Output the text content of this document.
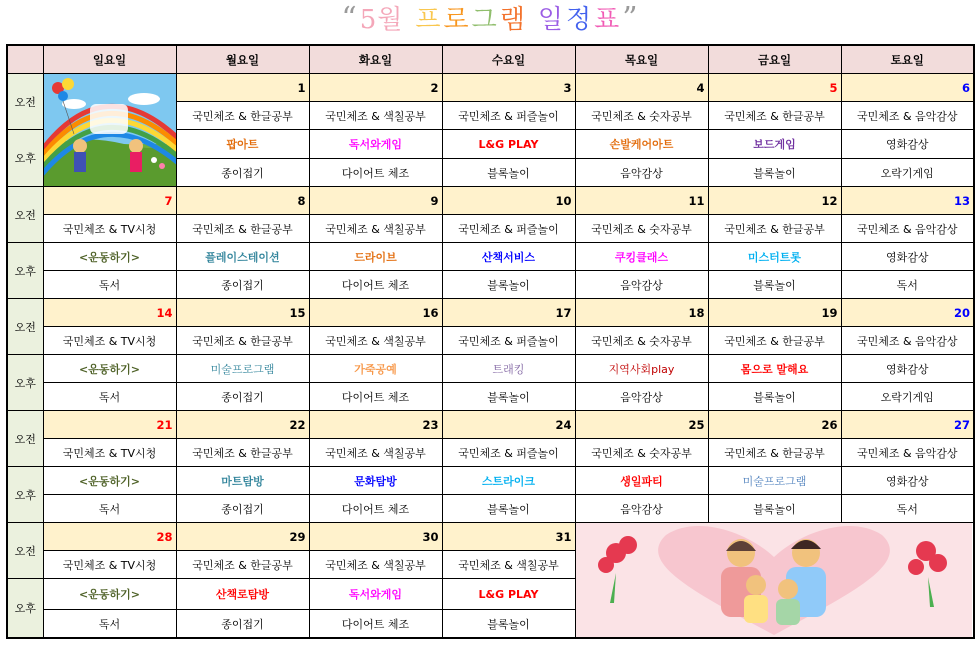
“5월 프로그램 일정표”
	일요일	월요일	화요일	수요일	목요일	금요일	토요일
오전		1	2	3	4	5	6
		국민체조 & 한글공부	국민체조 & 색칠공부	국민체조 & 퍼즐놀이	국민체조 & 숫자공부	국민체조 & 한글공부	국민체조 & 음악감상
오후		팝아트	독서와게임	L&G PLAY	손발케어아트	보드게임	영화감상
		종이접기	다이어트 체조	블록놀이	음악감상	블록놀이	오락기게임
오전	7	8	9	10	11	12	13
	국민체조 & TV시청	국민체조 & 한글공부	국민체조 & 색칠공부	국민체조 & 퍼즐놀이	국민체조 & 숫자공부	국민체조 & 한글공부	국민체조 & 음악감상
오후	<운동하기>	플레이스테이션	드라이브	산책서비스	쿠킹클래스	미스터트롯	영화감상
	독서	종이접기	다이어트 체조	블록놀이	음악감상	블록놀이	독서
오전	14	15	16	17	18	19	20
	국민체조 & TV시청	국민체조 & 한글공부	국민체조 & 색칠공부	국민체조 & 퍼즐놀이	국민체조 & 숫자공부	국민체조 & 한글공부	국민체조 & 음악감상
오후	<운동하기>	미술프로그램	가죽공예	트래킹	지역사회play	몸으로 말해요	영화감상
	독서	종이접기	다이어트 체조	블록놀이	음악감상	블록놀이	오락기게임
오전	21	22	23	24	25	26	27
	국민체조 & TV시청	국민체조 & 한글공부	국민체조 & 색칠공부	국민체조 & 퍼즐놀이	국민체조 & 숫자공부	국민체조 & 한글공부	국민체조 & 음악감상
오후	<운동하기>	마트탐방	문화탐방	스트라이크	생일파티	미술프로그램	영화감상
	독서	종이접기	다이어트 체조	블록놀이	음악감상	블록놀이	독서
오전	28	29	30	31	

	국민체조 & TV시청	국민체조 & 한글공부	국민체조 & 색칠공부	국민체조 & 색칠공부			
오후	<운동하기>	산책로탐방	독서와게임	L&G PLAY			
	독서	종이접기	다이어트 체조	블록놀이			
